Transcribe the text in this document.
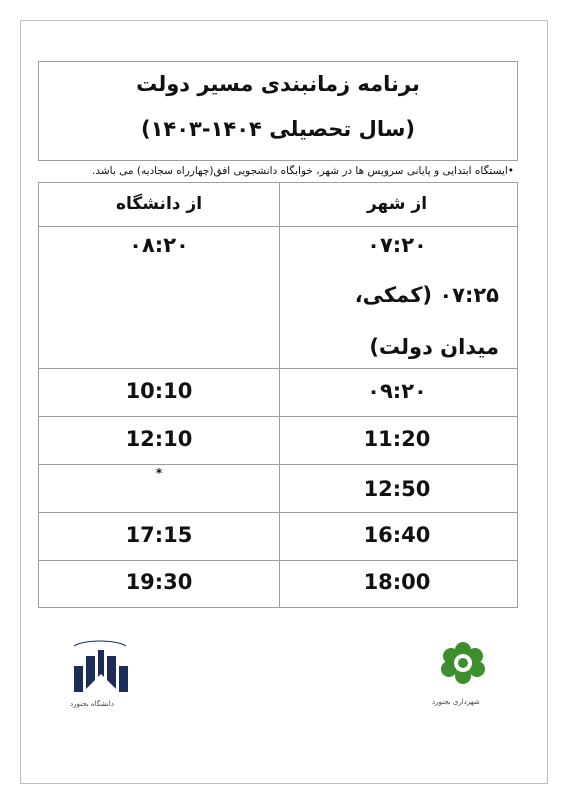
برنامه زمانبندی مسیر دولت
(سال تحصیلی ۱۴۰۴-۱۴۰۳)
•ایستگاه ابتدایی و پایانی سرویس ها در شهر، خوابگاه دانشجویی افق(چهارراه سجادیه) می باشد.
از شهر
از دانشگاه
۰۷:۲۰
۰۸:۲۰
۰۷:۲۵ (کمکی، میدان دولت)
۰۹:۲۰
10:10
11:20
12:10
12:50
*
16:40
17:15
18:00
19:30
دانشگاه بجنورد	شهرداری بجنورد
